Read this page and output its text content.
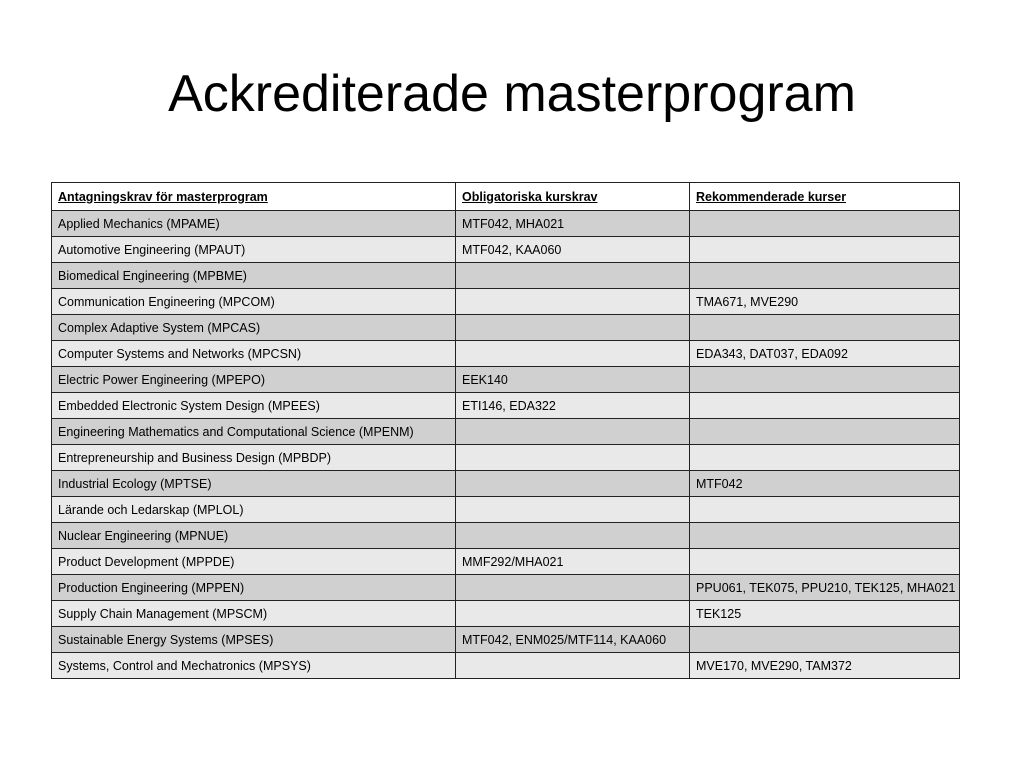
Ackrediterade masterprogram
Antagningskrav för masterprogram	Obligatoriska kurskrav	Rekommenderade kurser
Applied Mechanics (MPAME)	MTF042, MHA021	
Automotive Engineering (MPAUT)	MTF042, KAA060	
Biomedical Engineering (MPBME)		
Communication Engineering (MPCOM)		TMA671, MVE290
Complex Adaptive System (MPCAS)		
Computer Systems and Networks (MPCSN)		EDA343, DAT037, EDA092
Electric Power Engineering (MPEPO)	EEK140	
Embedded Electronic System Design (MPEES)	ETI146, EDA322	
Engineering Mathematics and Computational Science (MPENM)		
Entrepreneurship and Business Design (MPBDP)		
Industrial Ecology (MPTSE)		MTF042
Lärande och Ledarskap (MPLOL)		
Nuclear Engineering (MPNUE)		
Product Development (MPPDE)	MMF292/MHA021	
Production Engineering (MPPEN)		PPU061, TEK075, PPU210, TEK125, MHA021
Supply Chain Management (MPSCM)		TEK125
Sustainable Energy Systems (MPSES)	MTF042, ENM025/MTF114, KAA060	
Systems, Control and Mechatronics (MPSYS)		MVE170, MVE290, TAM372
